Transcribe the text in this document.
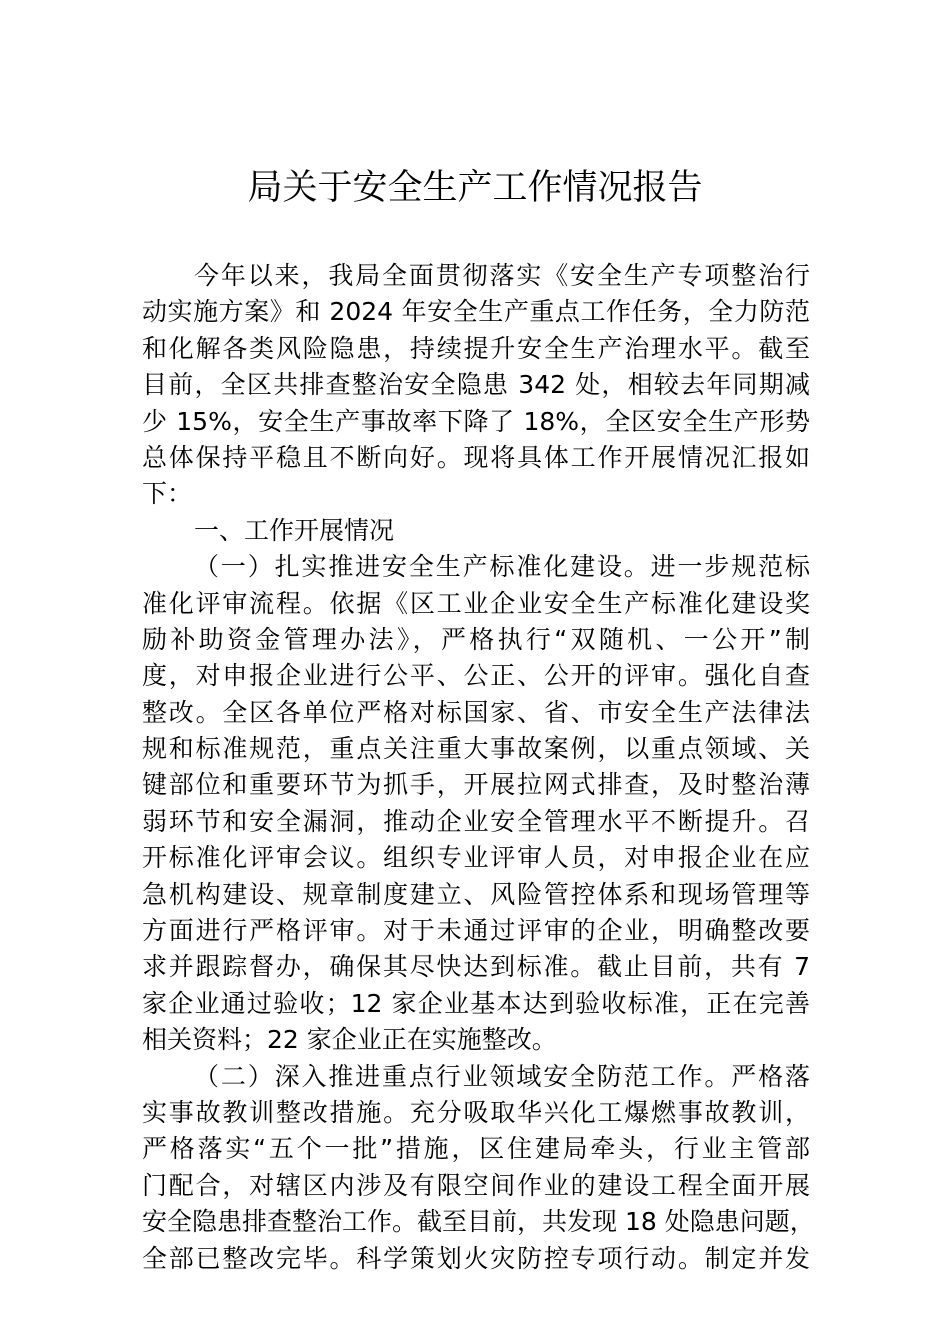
局关于安全生产工作情况报告
今年以来，我局全面贯彻落实《安全生产专项整治行
动实施方案》和 2024 年安全生产重点工作任务，全力防范
和化解各类风险隐患，持续提升安全生产治理水平。截至
目前，全区共排查整治安全隐患 342 处，相较去年同期减
少 15%，安全生产事故率下降了 18%，全区安全生产形势
总体保持平稳且不断向好。现将具体工作开展情况汇报如
下：
一、工作开展情况
（一）扎实推进安全生产标准化建设。进一步规范标
准化评审流程。依据《区工业企业安全生产标准化建设奖
励补助资金管理办法》，严格执行“双随机、一公开”制
度，对申报企业进行公平、公正、公开的评审。强化自查
整改。全区各单位严格对标国家、省、市安全生产法律法
规和标准规范，重点关注重大事故案例，以重点领域、关
键部位和重要环节为抓手，开展拉网式排查，及时整治薄
弱环节和安全漏洞，推动企业安全管理水平不断提升。召
开标准化评审会议。组织专业评审人员，对申报企业在应
急机构建设、规章制度建立、风险管控体系和现场管理等
方面进行严格评审。对于未通过评审的企业，明确整改要
求并跟踪督办，确保其尽快达到标准。截止目前，共有 7
家企业通过验收；12 家企业基本达到验收标准，正在完善
相关资料；22 家企业正在实施整改。
（二）深入推进重点行业领域安全防范工作。严格落
实事故教训整改措施。充分吸取华兴化工爆燃事故教训，
严格落实“五个一批”措施，区住建局牵头，行业主管部
门配合，对辖区内涉及有限空间作业的建设工程全面开展
安全隐患排查整治工作。截至目前，共发现 18 处隐患问题，
全部已整改完毕。科学策划火灾防控专项行动。制定并发
